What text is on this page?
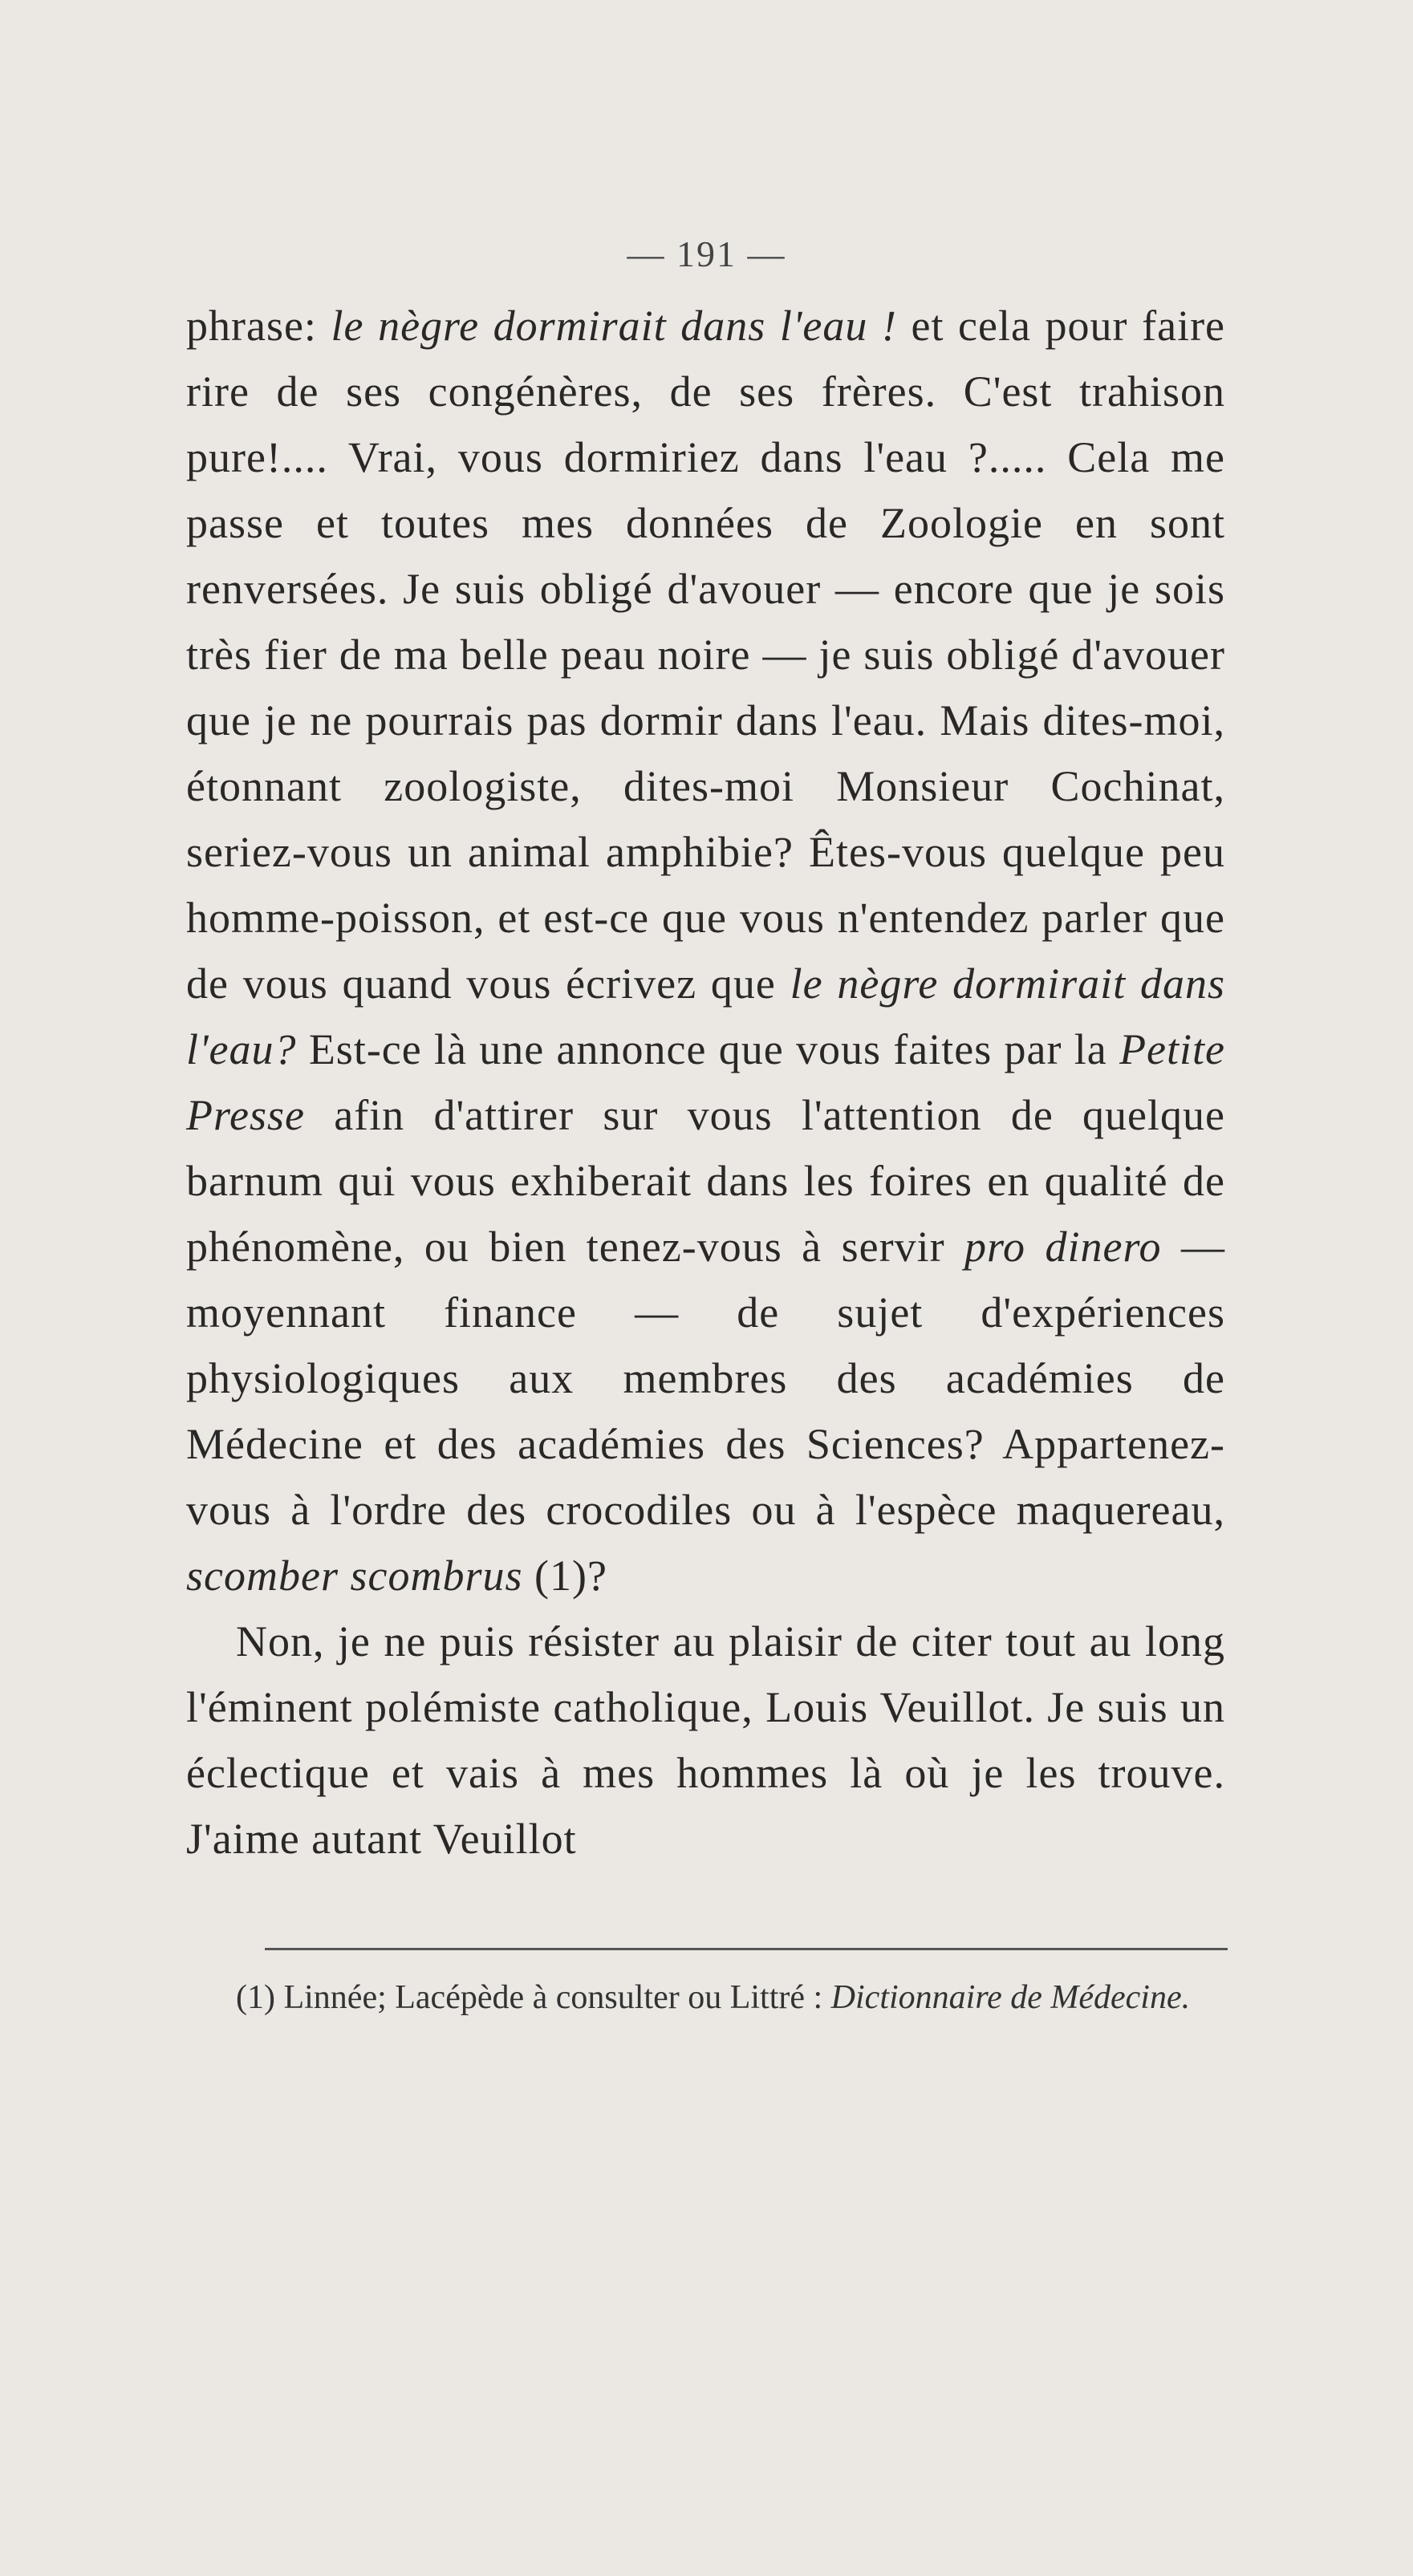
— 191 —

phrase: le nègre dormirait dans l'eau ! et cela pour faire rire de ses congénères, de ses frères. C'est trahison pure!.... Vrai, vous dormiriez dans l'eau ?..... Cela me passe et toutes mes données de Zoologie en sont renversées. Je suis obligé d'avouer — encore que je sois très fier de ma belle peau noire — je suis obligé d'avouer que je ne pourrais pas dormir dans l'eau. Mais dites-moi, étonnant zoologiste, dites-moi Monsieur Cochinat, seriez-vous un animal amphibie? Êtes-vous quelque peu homme-poisson, et est-ce que vous n'entendez parler que de vous quand vous écrivez que le nègre dormirait dans l'eau? Est-ce là une annonce que vous faites par la Petite Presse afin d'attirer sur vous l'attention de quelque barnum qui vous exhiberait dans les foires en qualité de phénomène, ou bien tenez-vous à servir pro dinero — moyennant finance — de sujet d'expériences physiologiques aux membres des académies de Médecine et des académies des Sciences? Appartenez-vous à l'ordre des crocodiles ou à l'espèce maquereau, scomber scombrus (1)?

Non, je ne puis résister au plaisir de citer tout au long l'éminent polémiste catholique, Louis Veuillot. Je suis un éclectique et vais à mes hommes là où je les trouve. J'aime autant Veuillot

(1) Linnée; Lacépède à consulter ou Littré : Dictionnaire de Médecine.
